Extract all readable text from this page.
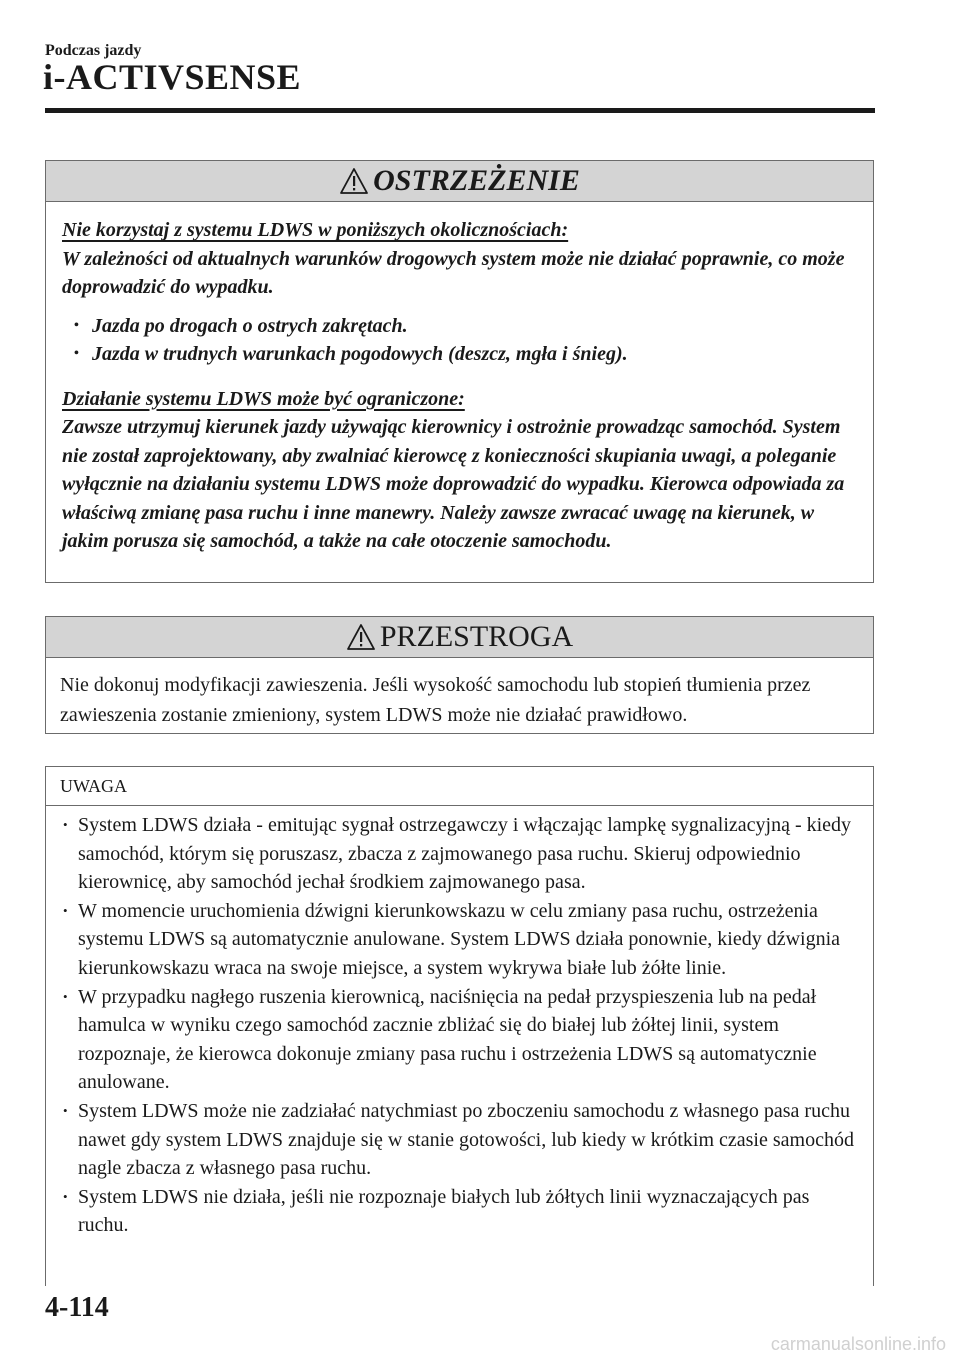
Podczas jazdy
i-ACTIVSENSE
OSTRZEŻENIE
Nie korzystaj z systemu LDWS w poniższych okolicznościach:
W zależności od aktualnych warunków drogowych system może nie działać poprawnie, co może doprowadzić do wypadku.
• Jazda po drogach o ostrych zakrętach.
• Jazda w trudnych warunkach pogodowych (deszcz, mgła i śnieg).
Działanie systemu LDWS może być ograniczone:
Zawsze utrzymuj kierunek jazdy używając kierownicy i ostrożnie prowadząc samochód. System nie został zaprojektowany, aby zwalniać kierowcę z konieczności skupiania uwagi, a poleganie wyłącznie na działaniu systemu LDWS może doprowadzić do wypadku. Kierowca odpowiada za właściwą zmianę pasa ruchu i inne manewry. Należy zawsze zwracać uwagę na kierunek, w jakim porusza się samochód, a także na całe otoczenie samochodu.
PRZESTROGA
Nie dokonuj modyfikacji zawieszenia. Jeśli wysokość samochodu lub stopień tłumienia przez zawieszenia zostanie zmieniony, system LDWS może nie działać prawidłowo.
UWAGA
• System LDWS działa - emitując sygnał ostrzegawczy i włączając lampkę sygnalizacyjną - kiedy samochód, którym się poruszasz, zbacza z zajmowanego pasa ruchu. Skieruj odpowiednio kierownicę, aby samochód jechał środkiem zajmowanego pasa.
• W momencie uruchomienia dźwigni kierunkowskazu w celu zmiany pasa ruchu, ostrzeżenia systemu LDWS są automatycznie anulowane. System LDWS działa ponownie, kiedy dźwignia kierunkowskazu wraca na swoje miejsce, a system wykrywa białe lub żółte linie.
• W przypadku nagłego ruszenia kierownicą, naciśnięcia na pedał przyspieszenia lub na pedał hamulca w wyniku czego samochód zacznie zbliżać się do białej lub żółtej linii, system rozpoznaje, że kierowca dokonuje zmiany pasa ruchu i ostrzeżenia LDWS są automatycznie anulowane.
• System LDWS może nie zadziałać natychmiast po zboczeniu samochodu z własnego pasa ruchu nawet gdy system LDWS znajduje się w stanie gotowości, lub kiedy w krótkim czasie samochód nagle zbacza z własnego pasa ruchu.
• System LDWS nie działa, jeśli nie rozpoznaje białych lub żółtych linii wyznaczających pas ruchu.
4-114
carmanualsonline.info
